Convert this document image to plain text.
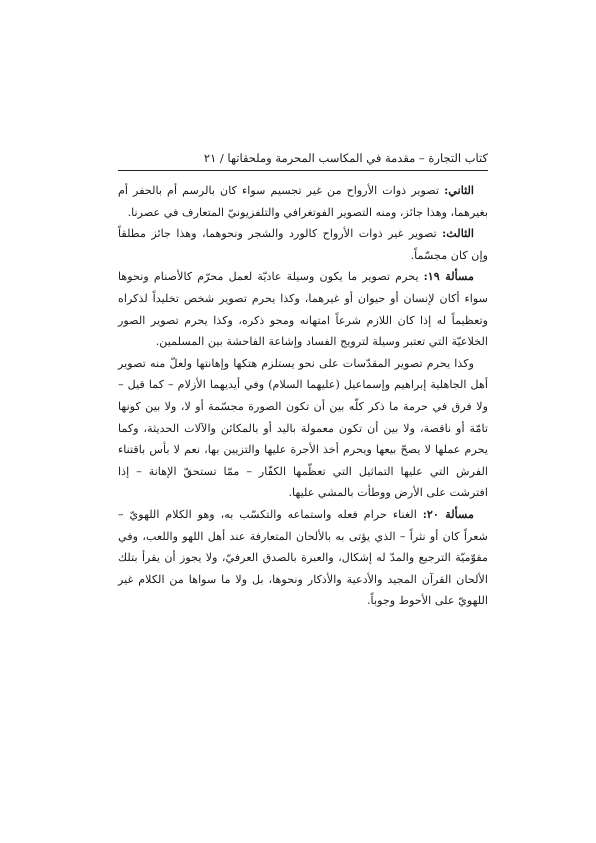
كتاب التجارة – مقدمة في المكاسب المحرمة وملحقاتها / ٢١

الثاني: تصوير ذوات الأرواح من غير تجسيم سواء كان بالرسم أم بالحفر أم بغيرهما، وهذا جائز، ومنه التصوير الفوتغرافي والتلفزيونيّ المتعارف في عصرنا.

الثالث: تصوير غير ذوات الأرواح كالورد والشجر ونحوهما، وهذا جائز مطلقاً وإن كان مجسّماً.

مسألة ١٩: يحرم تصوير ما يكون وسيلة عاديّة لعمل محرّم كالأصنام ونحوها سواء أكان لإنسان أو حيوان أو غيرهما، وكذا يحرم تصوير شخص تخليداً لذكراه وتعظيماً له إذا كان اللازم شرعاً امتهانه ومحو ذكره، وكذا يحرم تصوير الصور الخلاعيّة التي تعتبر وسيلة لترويج الفساد وإشاعة الفاحشة بين المسلمين.

وكذا يحرم تصوير المقدّسات على نحو يستلزم هتكها وإهانتها ولعلّ منه تصوير أهل الجاهلية إبراهيم وإسماعيل (عليهما السلام) وفي أيديهما الأزلام – كما قيل – ولا فرق في حرمة ما ذكر كلّه بين أن تكون الصورة مجسّمة أو لا، ولا بين كونها تامّة أو ناقصة، ولا بين أن تكون معمولة باليد أو بالمكائن والآلات الحديثة، وكما يحرم عملها لا يصحّ بيعها ويحرم أخذ الأجرة عليها والتزيين بها، نعم لا بأس باقتناء الفرش التي عليها التماثيل التي تعظّمها الكفّار – ممّا تستحقّ الإهانة – إذا افترشت على الأرض ووطأت بالمشي عليها.

مسألة ٢٠: الغناء حرام فعله واستماعه والتكسّب به، وهو الكلام اللهويّ – شعراً كان أو نثراً – الذي يؤتى به بالألحان المتعارفة عند أهل اللهو واللعب، وفي مقوّميّة الترجيع والمدّ له إشكال، والعبرة بالصدق العرفيّ، ولا يجوز أن يقرأ بتلك الألحان القرآن المجيد والأدعية والأذكار ونحوها، بل ولا ما سواها من الكلام غير اللهويّ على الأحوط وجوباً.
